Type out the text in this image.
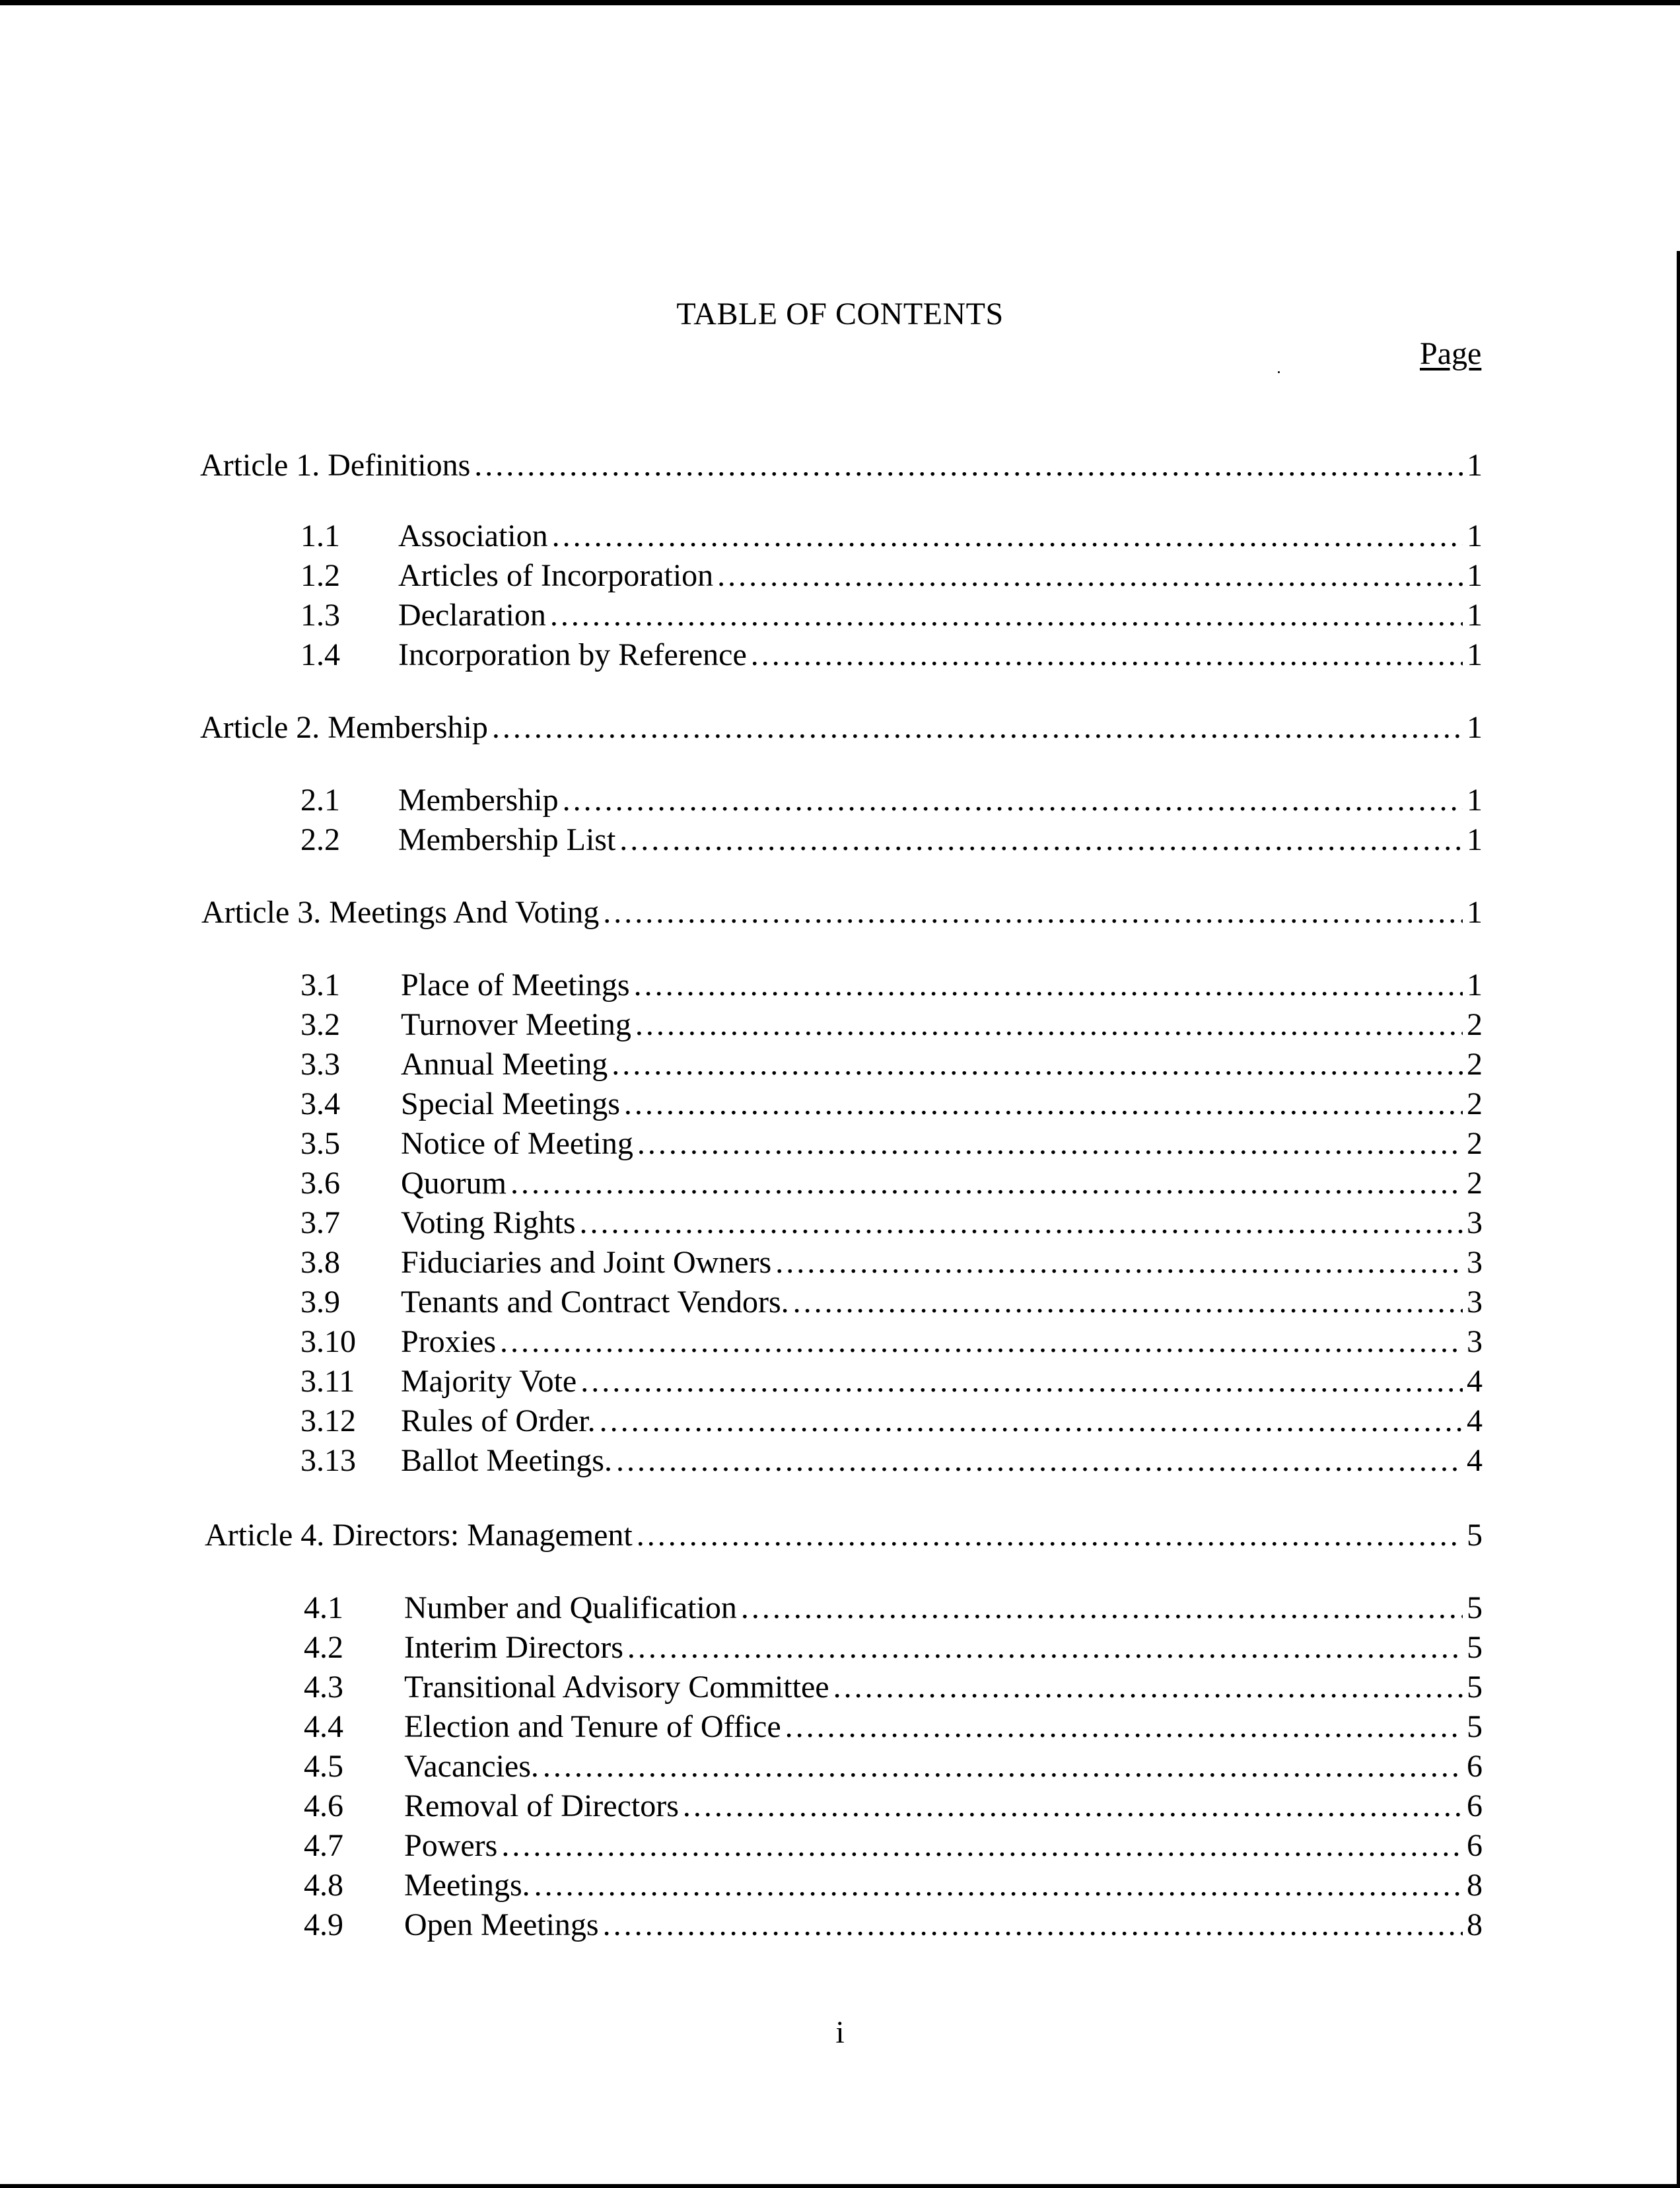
TABLE OF CONTENTS
Page
Article 1. Definitions .....	1
1.1	Association .....	1
1.2	Articles of Incorporation .....	1
1.3	Declaration .....	1
1.4	Incorporation by Reference .....	1
Article 2. Membership .....	1
2.1	Membership .....	1
2.2	Membership List .....	1
Article 3. Meetings And Voting .....	1
3.1	Place of Meetings .....	1
3.2	Turnover Meeting .....	2
3.3	Annual Meeting .....	2
3.4	Special Meetings .....	2
3.5	Notice of Meeting .....	2
3.6	Quorum .....	2
3.7	Voting Rights .....	3
3.8	Fiduciaries and Joint Owners .....	3
3.9	Tenants and Contract Vendors. .....	3
3.10	Proxies .....	3
3.11	Majority Vote .....	4
3.12	Rules of Order. .....	4
3.13	Ballot Meetings. .....	4
Article 4. Directors: Management .....	5
4.1	Number and Qualification .....	5
4.2	Interim Directors .....	5
4.3	Transitional Advisory Committee .....	5
4.4	Election and Tenure of Office .....	5
4.5	Vacancies. .....	6
4.6	Removal of Directors .....	6
4.7	Powers .....	6
4.8	Meetings. .....	8
4.9	Open Meetings .....	8
i
